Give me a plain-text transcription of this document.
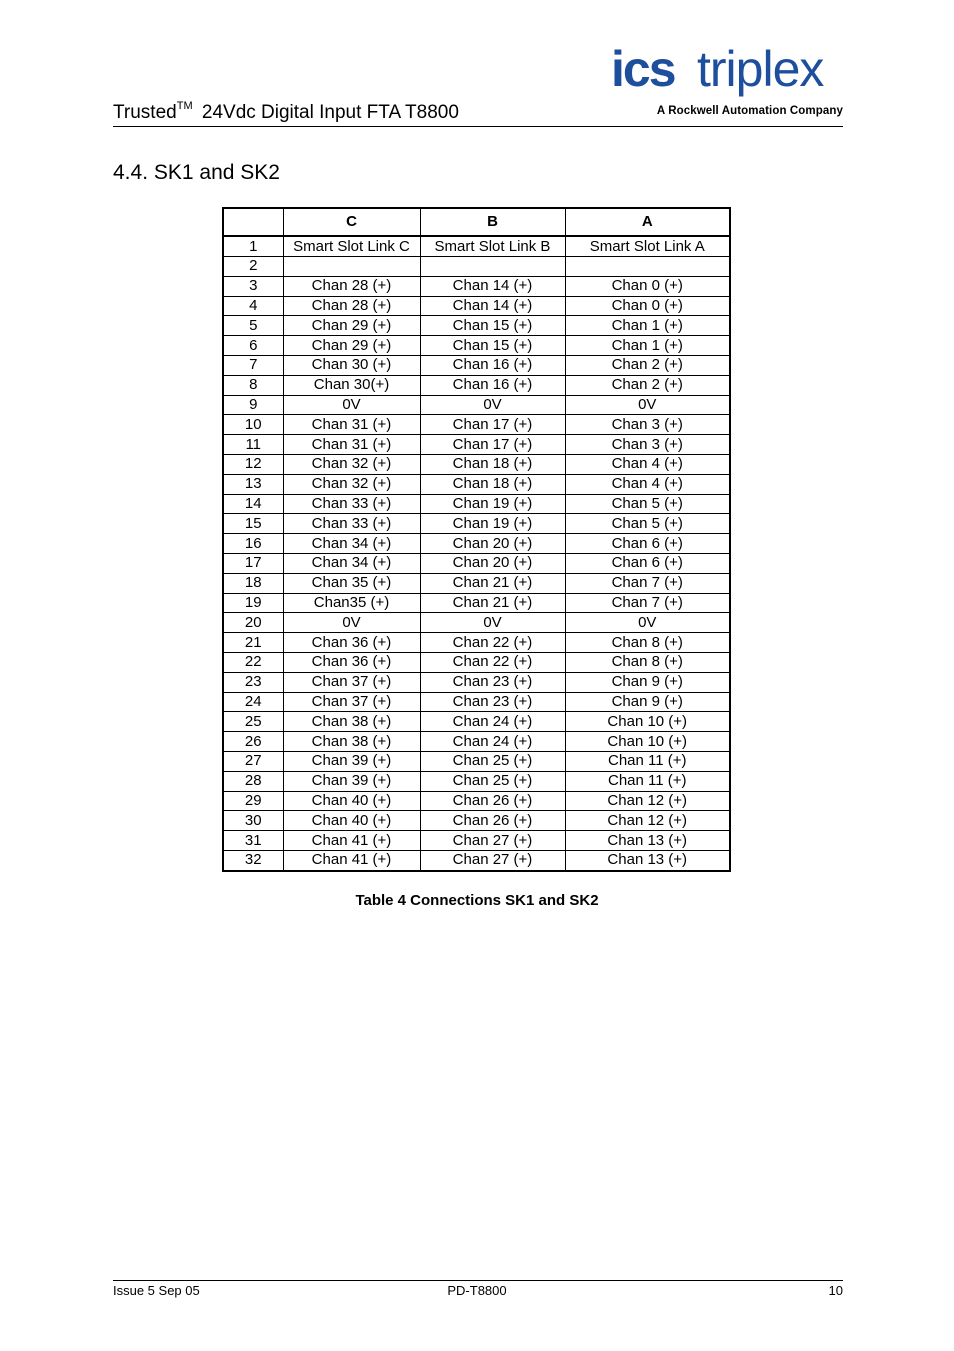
Trusted™ 24Vdc Digital Input FTA T8800
ics triplex
A Rockwell Automation Company
4.4. SK1 and SK2
	C	B	A
1	Smart Slot Link C	Smart Slot Link B	Smart Slot Link A
2			
3	Chan 28 (+)	Chan 14 (+)	Chan 0 (+)
4	Chan 28 (+)	Chan 14 (+)	Chan 0 (+)
5	Chan 29 (+)	Chan 15 (+)	Chan 1 (+)
6	Chan 29 (+)	Chan 15 (+)	Chan 1 (+)
7	Chan 30 (+)	Chan 16 (+)	Chan 2 (+)
8	Chan 30(+)	Chan 16 (+)	Chan 2 (+)
9	0V	0V	0V
10	Chan 31 (+)	Chan 17 (+)	Chan 3 (+)
11	Chan 31 (+)	Chan 17 (+)	Chan 3 (+)
12	Chan 32 (+)	Chan 18 (+)	Chan 4 (+)
13	Chan 32 (+)	Chan 18 (+)	Chan 4 (+)
14	Chan 33 (+)	Chan 19 (+)	Chan 5 (+)
15	Chan 33 (+)	Chan 19 (+)	Chan 5 (+)
16	Chan 34 (+)	Chan 20 (+)	Chan 6 (+)
17	Chan 34 (+)	Chan 20 (+)	Chan 6 (+)
18	Chan 35 (+)	Chan 21 (+)	Chan 7 (+)
19	Chan35 (+)	Chan 21 (+)	Chan 7 (+)
20	0V	0V	0V
21	Chan 36 (+)	Chan 22 (+)	Chan 8 (+)
22	Chan 36 (+)	Chan 22 (+)	Chan 8 (+)
23	Chan 37 (+)	Chan 23 (+)	Chan 9 (+)
24	Chan 37 (+)	Chan 23 (+)	Chan 9 (+)
25	Chan 38 (+)	Chan 24 (+)	Chan 10 (+)
26	Chan 38 (+)	Chan 24 (+)	Chan 10 (+)
27	Chan 39 (+)	Chan 25 (+)	Chan 11 (+)
28	Chan 39 (+)	Chan 25 (+)	Chan 11 (+)
29	Chan 40 (+)	Chan 26 (+)	Chan 12 (+)
30	Chan 40 (+)	Chan 26 (+)	Chan 12 (+)
31	Chan 41 (+)	Chan 27 (+)	Chan 13 (+)
32	Chan 41 (+)	Chan 27 (+)	Chan 13 (+)
Table 4 Connections SK1 and SK2
Issue 5 Sep 05	PD-T8800	10
